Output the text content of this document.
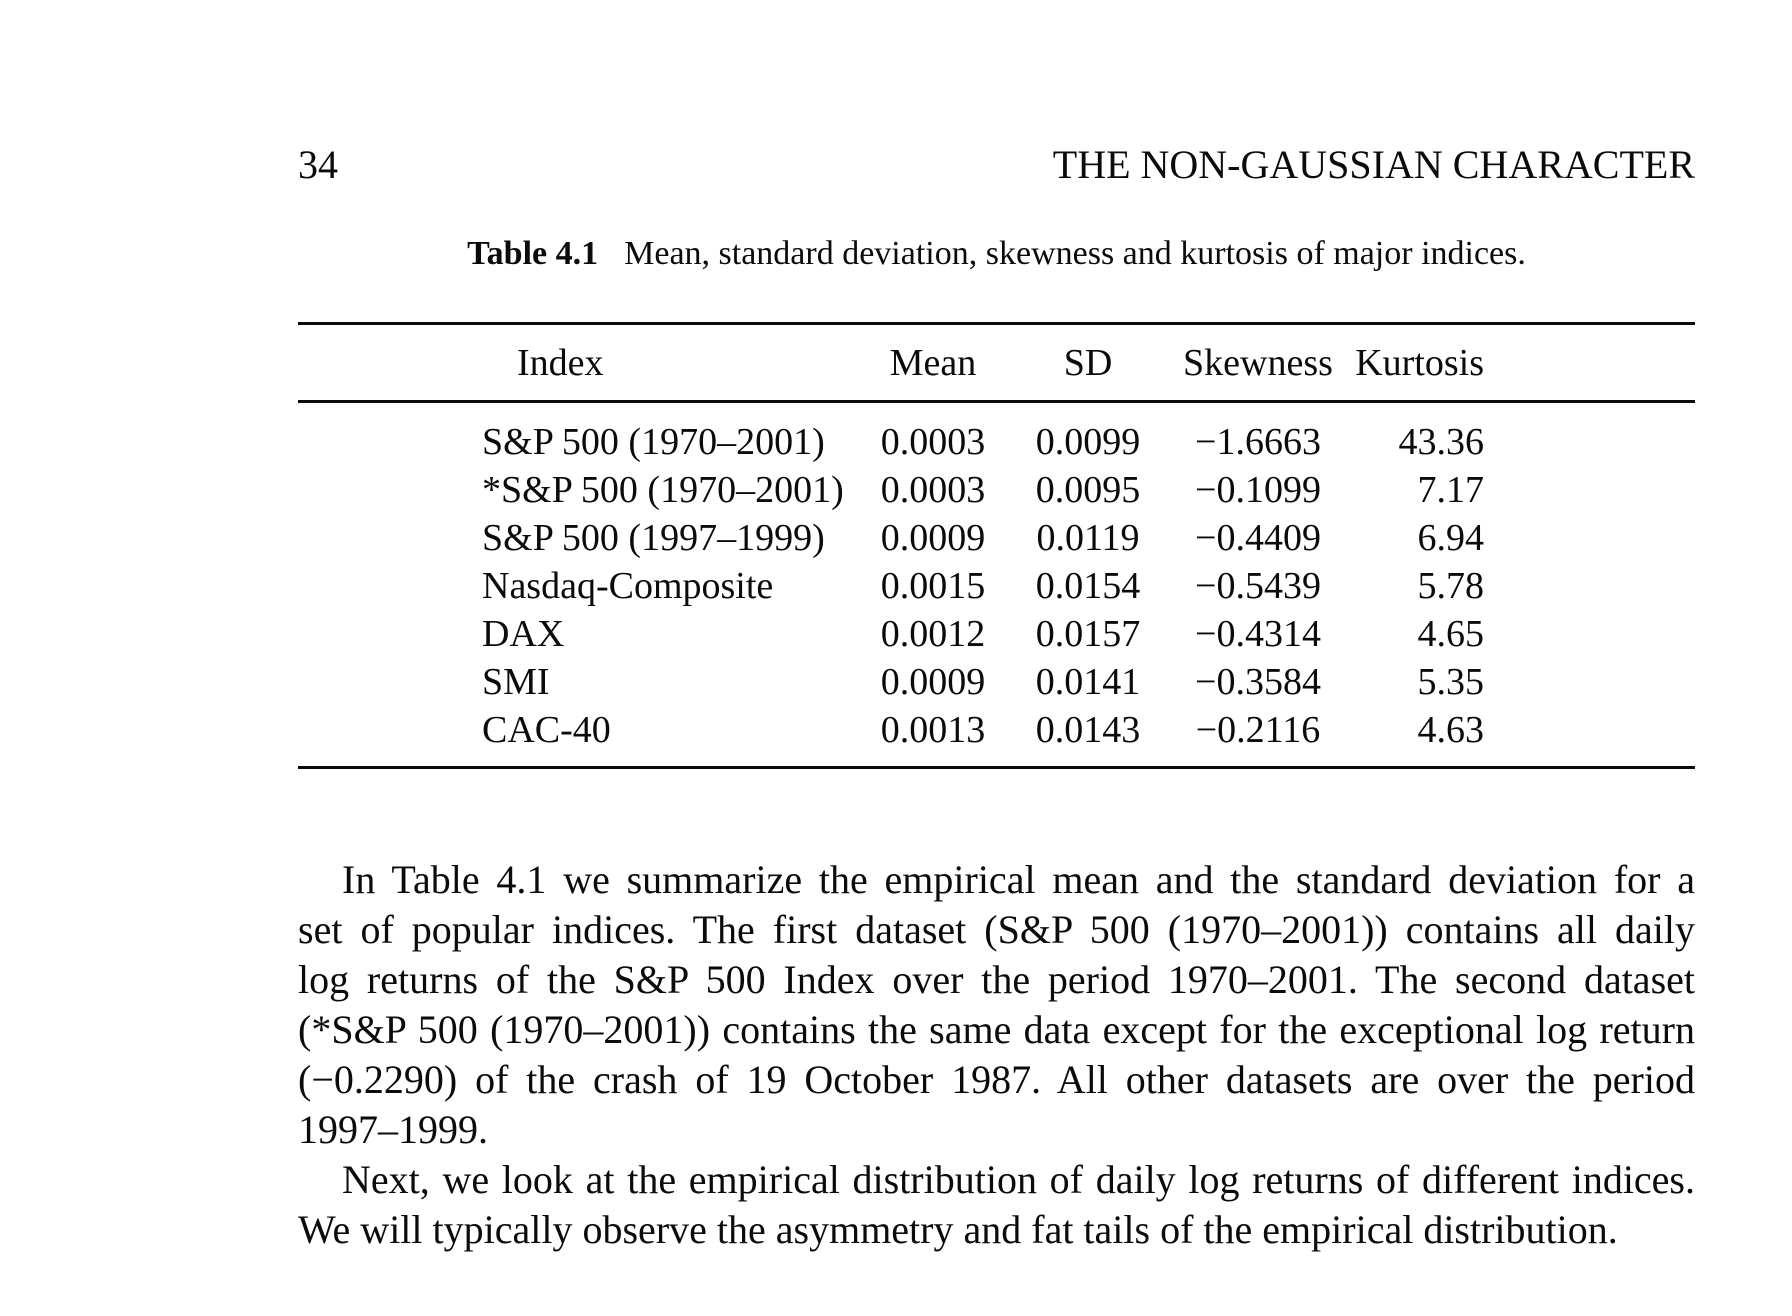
34	THE NON-GAUSSIAN CHARACTER
Table 4.1 Mean, standard deviation, skewness and kurtosis of major indices.
Index	Mean	SD	Skewness	Kurtosis	
S&P 500 (1970–2001)	0.0003	0.0099	−1.6663	43.36	
*S&P 500 (1970–2001)	0.0003	0.0095	−0.1099	7.17	
S&P 500 (1997–1999)	0.0009	0.0119	−0.4409	6.94	
Nasdaq-Composite	0.0015	0.0154	−0.5439	5.78	
DAX	0.0012	0.0157	−0.4314	4.65	
SMI	0.0009	0.0141	−0.3584	5.35	
CAC-40	0.0013	0.0143	−0.2116	4.63	
In Table 4.1 we summarize the empirical mean and the standard deviation for a
set of popular indices. The first dataset (S&P 500 (1970–2001)) contains all daily
log returns of the S&P 500 Index over the period 1970–2001. The second dataset
(*S&P 500 (1970–2001)) contains the same data except for the exceptional log return
(−0.2290) of the crash of 19 October 1987. All other datasets are over the period
1997–1999.
Next, we look at the empirical distribution of daily log returns of different indices.
We will typically observe the asymmetry and fat tails of the empirical distribution.
